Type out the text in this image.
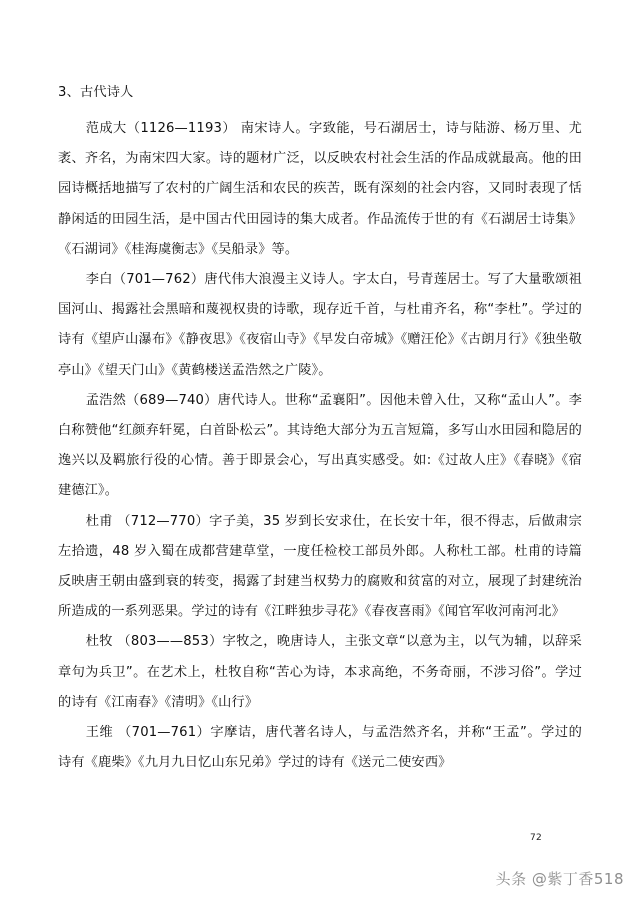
3、古代诗人

范成大（1126—1193） 南宋诗人。字致能，号石湖居士，诗与陆游、杨万里、尤袤、齐名，为南宋四大家。诗的题材广泛，以反映农村社会生活的作品成就最高。他的田园诗概括地描写了农村的广阔生活和农民的疾苦，既有深刻的社会内容，又同时表现了恬静闲适的田园生活，是中国古代田园诗的集大成者。作品流传于世的有《石湖居士诗集》《石湖词》《桂海虞衡志》《吴船录》等。

李白（701—762）唐代伟大浪漫主义诗人。字太白，号青莲居士。写了大量歌颂祖国河山、揭露社会黑暗和蔑视权贵的诗歌，现存近千首，与杜甫齐名，称“李杜”。学过的诗有《望庐山瀑布》《静夜思》《夜宿山寺》《早发白帝城》《赠汪伦》《古朗月行》《独坐敬亭山》《望天门山》《黄鹤楼送孟浩然之广陵》。

孟浩然（689—740）唐代诗人。世称“孟襄阳”。因他未曾入仕，又称“孟山人”。李白称赞他“红颜弃轩冕，白首卧松云”。其诗绝大部分为五言短篇，多写山水田园和隐居的逸兴以及羁旅行役的心情。善于即景会心，写出真实感受。如:《过故人庄》《春晓》《宿建德江》。

杜甫 （712—770）字子美，35 岁到长安求仕，在长安十年，很不得志，后做肃宗左拾遗，48 岁入蜀在成都营建草堂，一度任检校工部员外郎。人称杜工部。杜甫的诗篇反映唐王朝由盛到衰的转变，揭露了封建当权势力的腐败和贫富的对立，展现了封建统治所造成的一系列恶果。学过的诗有《江畔独步寻花》《春夜喜雨》《闻官军收河南河北》

杜牧 （803——853）字牧之，晚唐诗人，主张文章“以意为主，以气为辅，以辞采章句为兵卫”。在艺术上，杜牧自称“苦心为诗，本求高绝，不务奇丽，不涉习俗”。学过的诗有《江南春》《清明》《山行》

王维 （701—761）字摩诘，唐代著名诗人，与孟浩然齐名，并称“王孟”。学过的诗有《鹿柴》《九月九日忆山东兄弟》学过的诗有《送元二使安西》

72
头条 @紫丁香518
